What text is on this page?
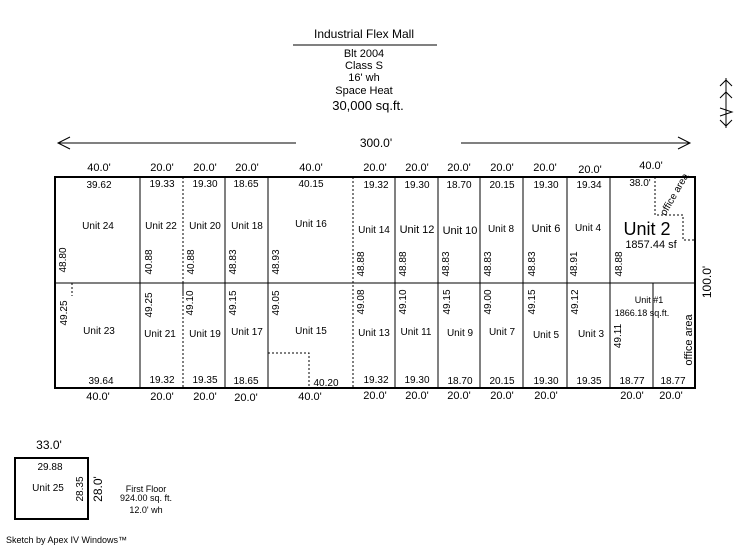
Industrial Flex Mall
Blt 2004
Class S
16' wh
Space Heat
30,000 sq.ft.
300.0'
40.0'	20.0' 20.0' 20.0'	40.0'	20.0' 20.0' 20.0' 20.0' 20.0' 20.0'	40.0'
39.62
Unit 24
48.80
19.33
Unit 22
40.88
19.30
Unit 20
40.88
18.65
Unit 18
48.83
40.15
Unit 16
48.93
19.32
Unit 14
48.88
19.30
Unit 12
48.88
18.70
Unit 10
48.83
20.15
Unit 8
48.83
19.30
Unit 6
48.83
19.34
Unit 4
48.91
38.0' office area
Unit 2
1857.44 sf
48.88
100.0'
49.25
Unit 23
39.64
49.25
Unit 21
19.32
49.10
Unit 19
19.35
49.15
Unit 17
18.65
49.05
Unit 15
40.20
49.08
Unit 13
19.32
49.10
Unit 11
19.30
49.15
Unit 9
18.70
49.00
Unit 7
20.15
49.15
Unit 5
19.30
49.12
Unit 3
19.35
Unit #1
1866.18 sq.ft.
49.11	office area
18.77 18.77
40.0'	20.0' 20.0' 20.0'	40.0'	20.0' 20.0' 20.0' 20.0' 20.0'	20.0' 20.0'
33.0'
29.88
Unit 25 28.35 28.0' First Floor
924.00 sq. ft.
12.0' wh
Sketch by Apex IV Windows™
